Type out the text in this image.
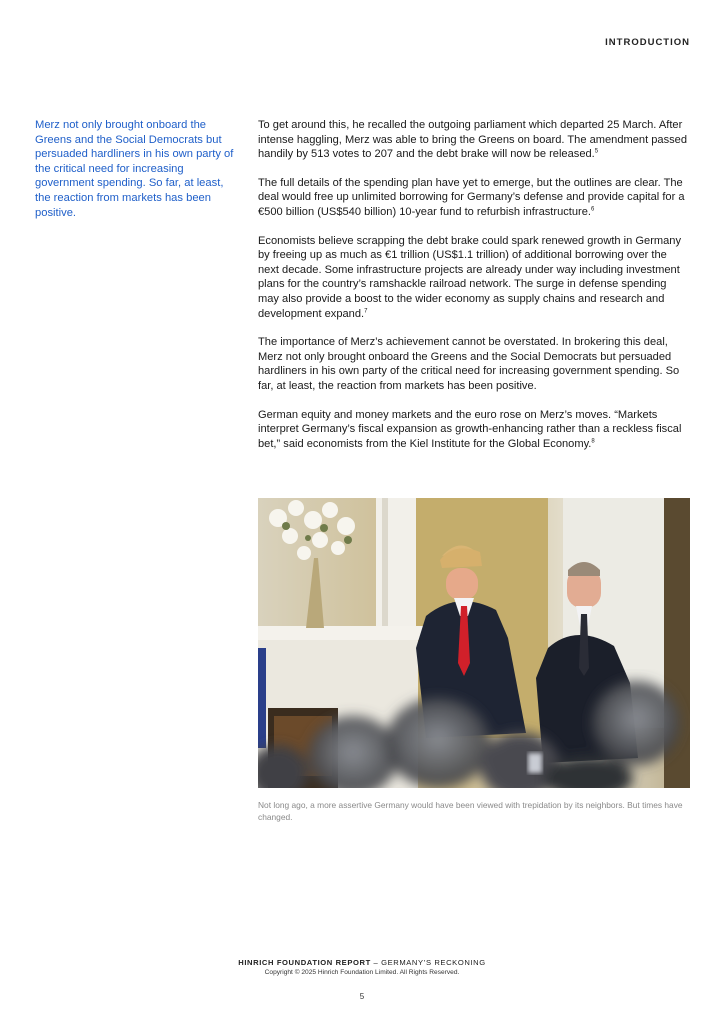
INTRODUCTION

Merz not only brought onboard the Greens and the Social Democrats but persuaded hardliners in his own party of the critical need for increasing government spending. So far, at least, the reaction from markets has been positive.

To get around this, he recalled the outgoing parliament which departed 25 March. After intense haggling, Merz was able to bring the Greens on board. The amendment passed handily by 513 votes to 207 and the debt brake will now be released.$^5$

The full details of the spending plan have yet to emerge, but the outlines are clear. The deal would free up unlimited borrowing for Germany’s defense and provide capital for a €500 billion (US$540 billion) 10-year fund to refurbish infrastructure.$^6$

Economists believe scrapping the debt brake could spark renewed growth in Germany by freeing up as much as €1 trillion (US$1.1 trillion) of additional borrowing over the next decade. Some infrastructure projects are already under way including investment plans for the country’s ramshackle railroad network. The surge in defense spending may also provide a boost to the wider economy as supply chains and research and development expand.$^7$

The importance of Merz’s achievement cannot be overstated. In brokering this deal, Merz not only brought onboard the Greens and the Social Democrats but persuaded hardliners in his own party of the critical need for increasing government spending. So far, at least, the reaction from markets has been positive.

German equity and money markets and the euro rose on Merz’s moves. “Markets interpret Germany’s fiscal expansion as growth-enhancing rather than a reckless fiscal bet,” said economists from the Kiel Institute for the Global Economy.$^8$

Not long ago, a more assertive Germany would have been viewed with trepidation by its neighbors. But times have changed.

HINRICH FOUNDATION REPORT – GERMANY’S RECKONING
Copyright © 2025 Hinrich Foundation Limited. All Rights Reserved.
5
